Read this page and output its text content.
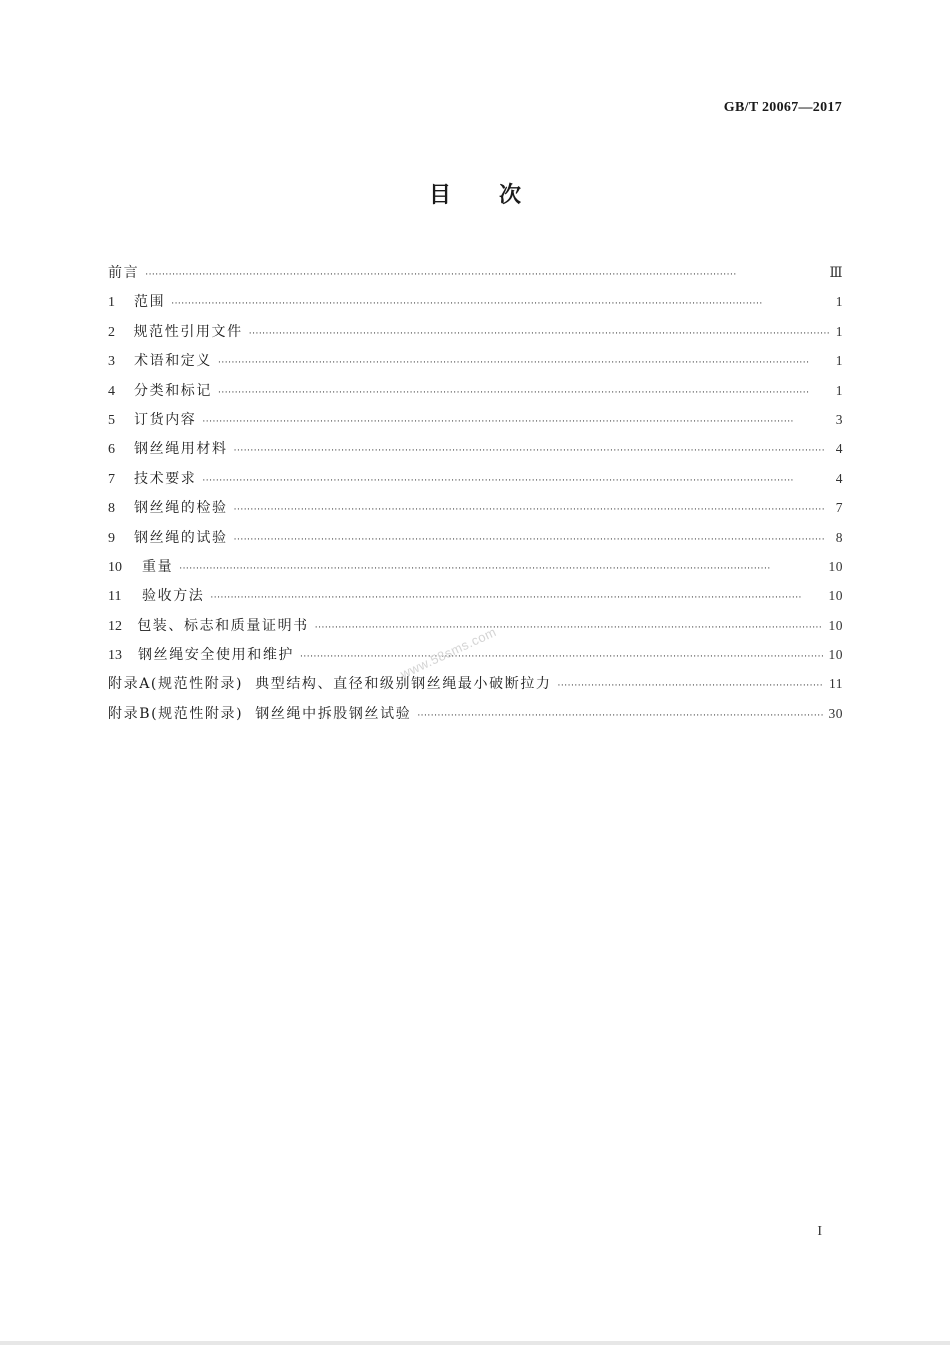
GB/T 20067—2017
目次
前言 ·····	Ⅲ
1	范围 ·····	1
2	规范性引用文件 ·····	1
3	术语和定义 ·····	1
4	分类和标记 ·····	1
5	订货内容 ·····	3
6	钢丝绳用材料 ·····	4
7	技术要求 ·····	4
8	钢丝绳的检验 ·····	7
9	钢丝绳的试验 ·····	8
10	重量 ·····	10
11	验收方法 ·····	10
12	包装、标志和质量证明书 ·····	10
13	钢丝绳安全使用和维护 ·····	10
附录A(规范性附录)  典型结构、直径和级别钢丝绳最小破断拉力 ·····	11
附录B(规范性附录)  钢丝绳中拆股钢丝试验 ·····	30
www.58sms.com
I
